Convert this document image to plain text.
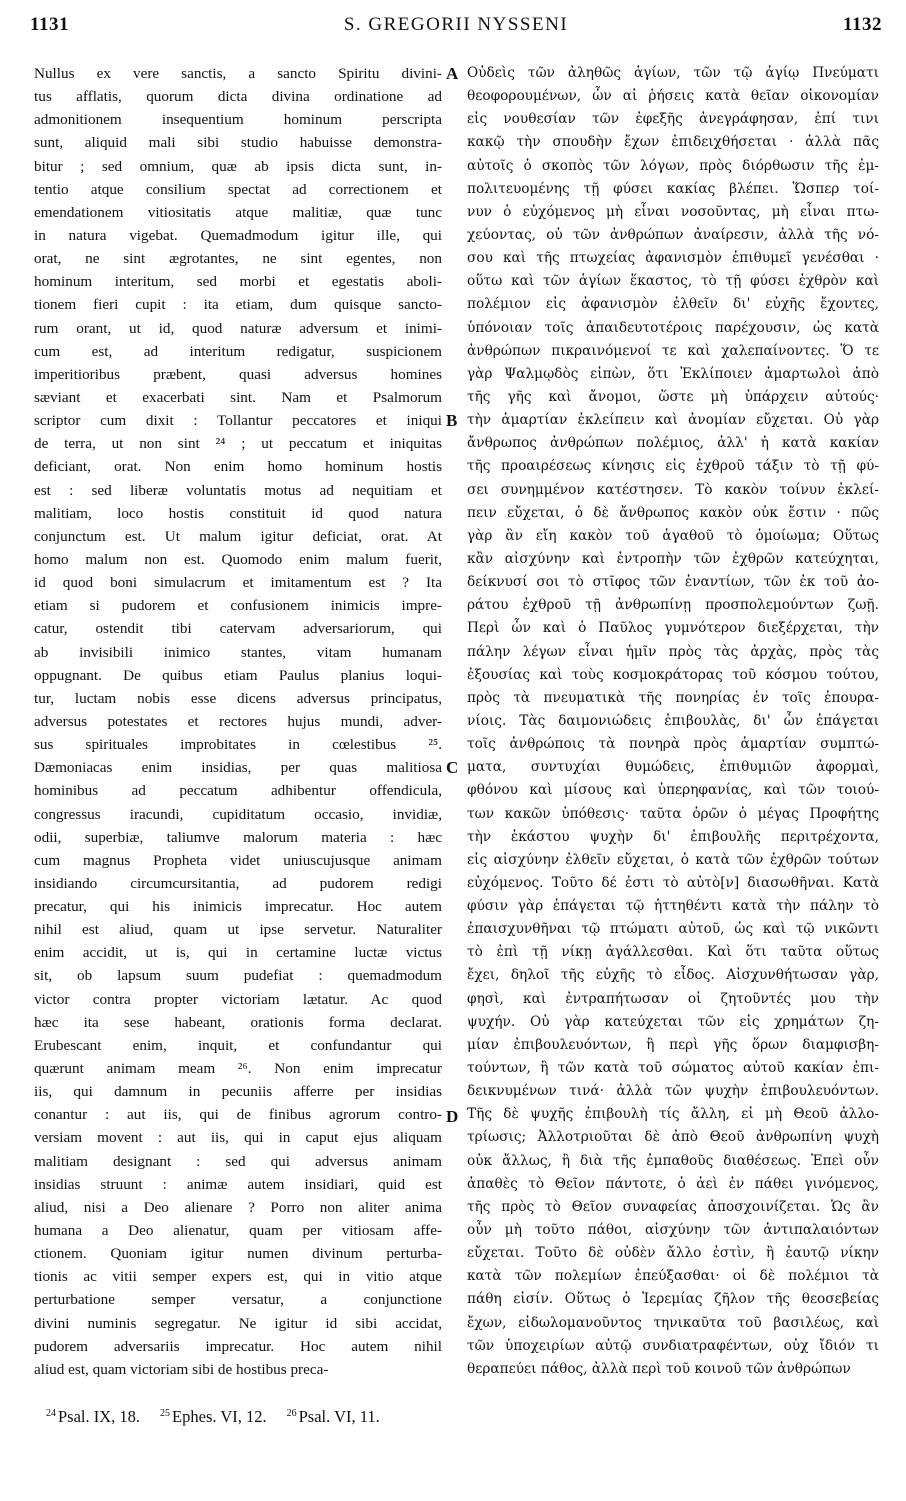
1131	S. GREGORII NYSSENI	1132
Nullus ex vere sanctis, a sancto Spiritu divini-
tus afflatis, quorum dicta divina ordinatione ad
admonitionem insequentium hominum perscripta
sunt, aliquid mali sibi studio habuisse demonstra-
bitur ; sed omnium, quæ ab ipsis dicta sunt, in-
tentio atque consilium spectat ad correctionem et
emendationem vitiositatis atque malitiæ, quæ tunc
in natura vigebat. Quemadmodum igitur ille, qui
orat, ne sint ægrotantes, ne sint egentes, non
hominum interitum, sed morbi et egestatis aboli-
tionem fieri cupit : ita etiam, dum quisque sancto-
rum orant, ut id, quod naturæ adversum et inimi-
cum est, ad interitum redigatur, suspicionem
imperitioribus præbent, quasi adversus homines
sæviant et exacerbati sint. Nam et Psalmorum
scriptor cum dixit : Tollantur peccatores et iniqui
de terra, ut non sint ²⁴ ; ut peccatum et iniquitas
deficiant, orat. Non enim homo hominum hostis
est : sed liberæ voluntatis motus ad nequitiam et
malitiam, loco hostis constituit id quod natura
conjunctum est. Ut malum igitur deficiat, orat. At
homo malum non est. Quomodo enim malum fuerit,
id quod boni simulacrum et imitamentum est ? Ita
etiam si pudorem et confusionem inimicis impre-
catur, ostendit tibi catervam adversariorum, qui
ab invisibili inimico stantes, vitam humanam
oppugnant. De quibus etiam Paulus planius loqui-
tur, luctam nobis esse dicens adversus principatus,
adversus potestates et rectores hujus mundi, adver-
sus spirituales improbitates in cœlestibus ²⁵.
Dæmoniacas enim insidias, per quas malitiosa
hominibus ad peccatum adhibentur offendicula,
congressus iracundi, cupiditatum occasio, invidiæ,
odii, superbiæ, taliumve malorum materia : hæc
cum magnus Propheta videt uniuscujusque animam
insidiando circumcursitantia, ad pudorem redigi
precatur, qui his inimicis imprecatur. Hoc autem
nihil est aliud, quam ut ipse servetur. Naturaliter
enim accidit, ut is, qui in certamine luctæ victus
sit, ob lapsum suum pudefiat : quemadmodum
victor contra propter victoriam lætatur. Ac quod
hæc ita sese habeant, orationis forma declarat.
Erubescant enim, inquit, et confundantur qui
quærunt animam meam ²⁶. Non enim imprecatur
iis, qui damnum in pecuniis afferre per insidias
conantur : aut iis, qui de finibus agrorum contro-
versiam movent : aut iis, qui in caput ejus aliquam
malitiam designant : sed qui adversus animam
insidias struunt : animæ autem insidiari, quid est
aliud, nisi a Deo alienare ? Porro non aliter anima
humana a Deo alienatur, quam per vitiosam affe-
ctionem. Quoniam igitur numen divinum perturba-
tionis ac vitii semper expers est, qui in vitio atque
perturbatione semper versatur, a conjunctione
divini numinis segregatur. Ne igitur id sibi accidat,
pudorem adversariis imprecatur. Hoc autem nihil
aliud est, quam victoriam sibi de hostibus preca-
Οὐδεὶς τῶν ἀληθῶς ἁγίων, τῶν τῷ ἁγίῳ Πνεύματι
θεοφορουμένων, ὧν αἱ ῥήσεις κατὰ θεῖαν οἰκονομίαν
εἰς νουθεσίαν τῶν ἐφεξῆς ἀνεγράφησαν, ἐπί τινι
κακῷ τὴν σπουδὴν ἔχων ἐπιδειχθήσεται · ἀλλὰ πᾶς
αὐτοῖς ὁ σκοπὸς τῶν λόγων, πρὸς διόρθωσιν τῆς ἐμ-
πολιτευομένης τῇ φύσει κακίας βλέπει. Ὥσπερ τοί-
νυν ὁ εὐχόμενος μὴ εἶναι νοσοῦντας, μὴ εἶναι πτω-
χεύοντας, οὐ τῶν ἀνθρώπων ἀναίρεσιν, ἀλλὰ τῆς νό-
σου καὶ τῆς πτωχείας ἀφανισμὸν ἐπιθυμεῖ γενέσθαι ·
οὕτω καὶ τῶν ἁγίων ἕκαστος, τὸ τῇ φύσει ἐχθρὸν καὶ
πολέμιον εἰς ἀφανισμὸν ἐλθεῖν δι' εὐχῆς ἔχοντες,
ὑπόνοιαν τοῖς ἀπαιδευτοτέροις παρέχουσιν, ὡς κατὰ
ἀνθρώπων πικραινόμενοί τε καὶ χαλεπαίνοντες. Ὅ τε
γὰρ Ψαλμῳδὸς εἰπὼν, ὅτι Ἐκλίποιεν ἁμαρτωλοὶ ἀπὸ
τῆς γῆς καὶ ἄνομοι, ὥστε μὴ ὑπάρχειν αὐτούς·
τὴν ἁμαρτίαν ἐκλείπειν καὶ ἀνομίαν εὔχεται. Οὐ γὰρ
ἄνθρωπος ἀνθρώπων πολέμιος, ἀλλ' ἡ κατὰ κακίαν
τῆς προαιρέσεως κίνησις εἰς ἐχθροῦ τάξιν τὸ τῇ φύ-
σει συνημμένον κατέστησεν. Τὸ κακὸν τοίνυν ἐκλεί-
πειν εὔχεται, ὁ δὲ ἄνθρωπος κακὸν οὐκ ἔστιν · πῶς
γὰρ ἂν εἴη κακὸν τοῦ ἀγαθοῦ τὸ ὁμοίωμα; Οὕτως
κἂν αἰσχύνην καὶ ἐντροπὴν τῶν ἐχθρῶν κατεύχηται,
δείκνυσί σοι τὸ στῖφος τῶν ἐναντίων, τῶν ἐκ τοῦ ἀο-
ράτου ἐχθροῦ τῇ ἀνθρωπίνῃ προσπολεμούντων ζωῇ.
Περὶ ὧν καὶ ὁ Παῦλος γυμνότερον διεξέρχεται, τὴν
πάλην λέγων εἶναι ἡμῖν πρὸς τὰς ἀρχὰς, πρὸς τὰς
ἐξουσίας καὶ τοὺς κοσμοκράτορας τοῦ κόσμου τούτου,
πρὸς τὰ πνευματικὰ τῆς πονηρίας ἐν τοῖς ἐπουρα-
νίοις. Τὰς δαιμονιώδεις ἐπιβουλὰς, δι' ὧν ἐπάγεται
τοῖς ἀνθρώποις τὰ πονηρὰ πρὸς ἁμαρτίαν συμπτώ-
ματα, συντυχίαι θυμώδεις, ἐπιθυμιῶν ἀφορμαὶ,
φθόνου καὶ μίσους καὶ ὑπερηφανίας, καὶ τῶν τοιού-
των κακῶν ὑπόθεσις· ταῦτα ὁρῶν ὁ μέγας Προφήτης
τὴν ἑκάστου ψυχὴν δι' ἐπιβουλῆς περιτρέχοντα,
εἰς αἰσχύνην ἐλθεῖν εὔχεται, ὁ κατὰ τῶν ἐχθρῶν τούτων
εὐχόμενος. Τοῦτο δέ ἐστι τὸ αὐτὸ[ν] διασωθῆναι. Κατὰ
φύσιν γὰρ ἐπάγεται τῷ ἡττηθέντι κατὰ τὴν πάλην τὸ
ἐπαισχυνθῆναι τῷ πτώματι αὐτοῦ, ὡς καὶ τῷ νικῶντι
τὸ ἐπὶ τῇ νίκῃ ἀγάλλεσθαι. Καὶ ὅτι ταῦτα οὕτως
ἔχει, δηλοῖ τῆς εὐχῆς τὸ εἶδος. Αἰσχυνθήτωσαν γὰρ,
φησὶ, καὶ ἐντραπήτωσαν οἱ ζητοῦντές μου τὴν
ψυχήν. Οὐ γὰρ κατεύχεται τῶν εἰς χρημάτων ζη-
μίαν ἐπιβουλευόντων, ἢ περὶ γῆς ὅρων διαμφισβη-
τούντων, ἢ τῶν κατὰ τοῦ σώματος αὐτοῦ κακίαν ἐπι-
δεικνυμένων τινά· ἀλλὰ τῶν ψυχὴν ἐπιβουλευόντων.
Τῆς δὲ ψυχῆς ἐπιβουλὴ τίς ἄλλη, εἰ μὴ Θεοῦ ἀλλο-
τρίωσις; Ἀλλοτριοῦται δὲ ἀπὸ Θεοῦ ἀνθρωπίνη ψυχὴ
οὐκ ἄλλως, ἢ διὰ τῆς ἐμπαθοῦς διαθέσεως. Ἐπεὶ οὖν
ἀπαθὲς τὸ Θεῖον πάντοτε, ὁ ἀεὶ ἐν πάθει γινόμενος,
τῆς πρὸς τὸ Θεῖον συναφείας ἀποσχοινίζεται. Ὡς ἂν
οὖν μὴ τοῦτο πάθοι, αἰσχύνην τῶν ἀντιπαλαιόντων
εὔχεται. Τοῦτο δὲ οὐδὲν ἄλλο ἐστὶν, ἢ ἑαυτῷ νίκην
κατὰ τῶν πολεμίων ἐπεύξασθαι· οἱ δὲ πολέμιοι τὰ
πάθη εἰσίν. Οὕτως ὁ Ἱερεμίας ζῆλον τῆς θεοσεβείας
ἔχων, εἰδωλομανοῦντος τηνικαῦτα τοῦ βασιλέως, καὶ
τῶν ὑποχειρίων αὐτῷ συνδιατραφέντων, οὐχ ἴδιόν τι
θεραπεύει πάθος, ἀλλὰ περὶ τοῦ κοινοῦ τῶν ἀνθρώπων
A
B
C
D
$^{24}$ Psal. IX, 18. $^{25}$ Ephes. VI, 12. $^{26}$ Psal. VI, 11.
